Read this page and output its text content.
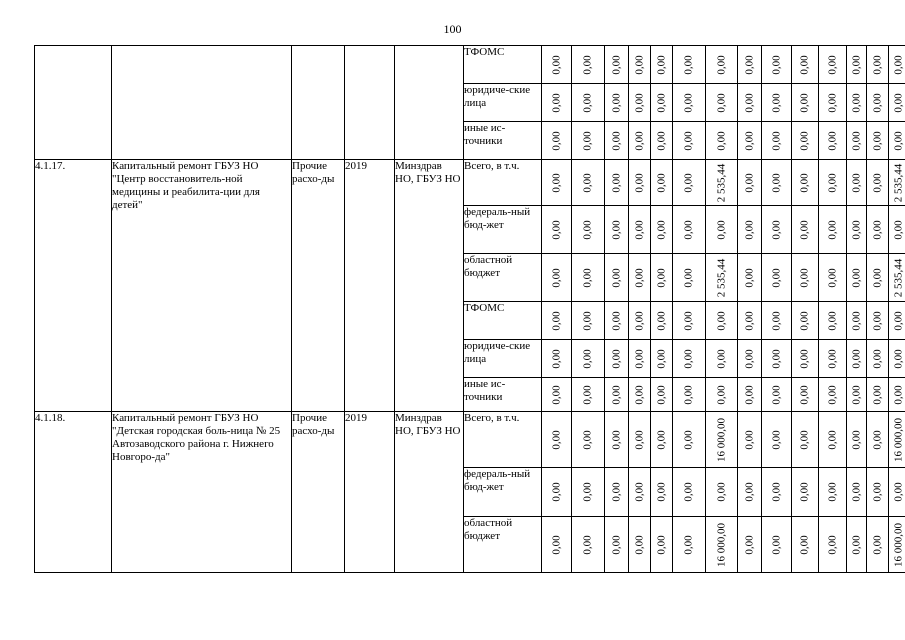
100
					ТФОМС	0,00	0,00	0,00	0,00	0,00	0,00	0,00	0,00	0,00	0,00	0,00	0,00	0,00	0,00

					юридиче-ские лица	0,00	0,00	0,00	0,00	0,00	0,00	0,00	0,00	0,00	0,00	0,00	0,00	0,00	0,00

					иные ис-точники	0,00	0,00	0,00	0,00	0,00	0,00	0,00	0,00	0,00	0,00	0,00	0,00	0,00	0,00

4.1.17.	Капитальный ремонт ГБУЗ НО "Центр восстановитель-ной медицины и реабилита-ции для детей"	Прочие расхо-ды	2019	Минздрав НО, ГБУЗ НО	Всего, в т.ч.	0,00	0,00	0,00	0,00	0,00	0,00	2 535,44	0,00	0,00	0,00	0,00	0,00	0,00	2 535,44

					федераль-ный бюд-жет	0,00	0,00	0,00	0,00	0,00	0,00	0,00	0,00	0,00	0,00	0,00	0,00	0,00	0,00

					областной бюджет	0,00	0,00	0,00	0,00	0,00	0,00	2 535,44	0,00	0,00	0,00	0,00	0,00	0,00	2 535,44

					ТФОМС	0,00	0,00	0,00	0,00	0,00	0,00	0,00	0,00	0,00	0,00	0,00	0,00	0,00	0,00

					юридиче-ские лица	0,00	0,00	0,00	0,00	0,00	0,00	0,00	0,00	0,00	0,00	0,00	0,00	0,00	0,00

					иные ис-точники	0,00	0,00	0,00	0,00	0,00	0,00	0,00	0,00	0,00	0,00	0,00	0,00	0,00	0,00

4.1.18.	Капитальный ремонт ГБУЗ НО "Детская городская боль-ница № 25 Автозаводского района г. Нижнего Новгоро-да"	Прочие расхо-ды	2019	Минздрав НО, ГБУЗ НО	Всего, в т.ч.	0,00	0,00	0,00	0,00	0,00	0,00	16 000,00	0,00	0,00	0,00	0,00	0,00	0,00	16 000,00

					федераль-ный бюд-жет	0,00	0,00	0,00	0,00	0,00	0,00	0,00	0,00	0,00	0,00	0,00	0,00	0,00	0,00

					областной бюджет	0,00	0,00	0,00	0,00	0,00	0,00	16 000,00	0,00	0,00	0,00	0,00	0,00	0,00	16 000,00
